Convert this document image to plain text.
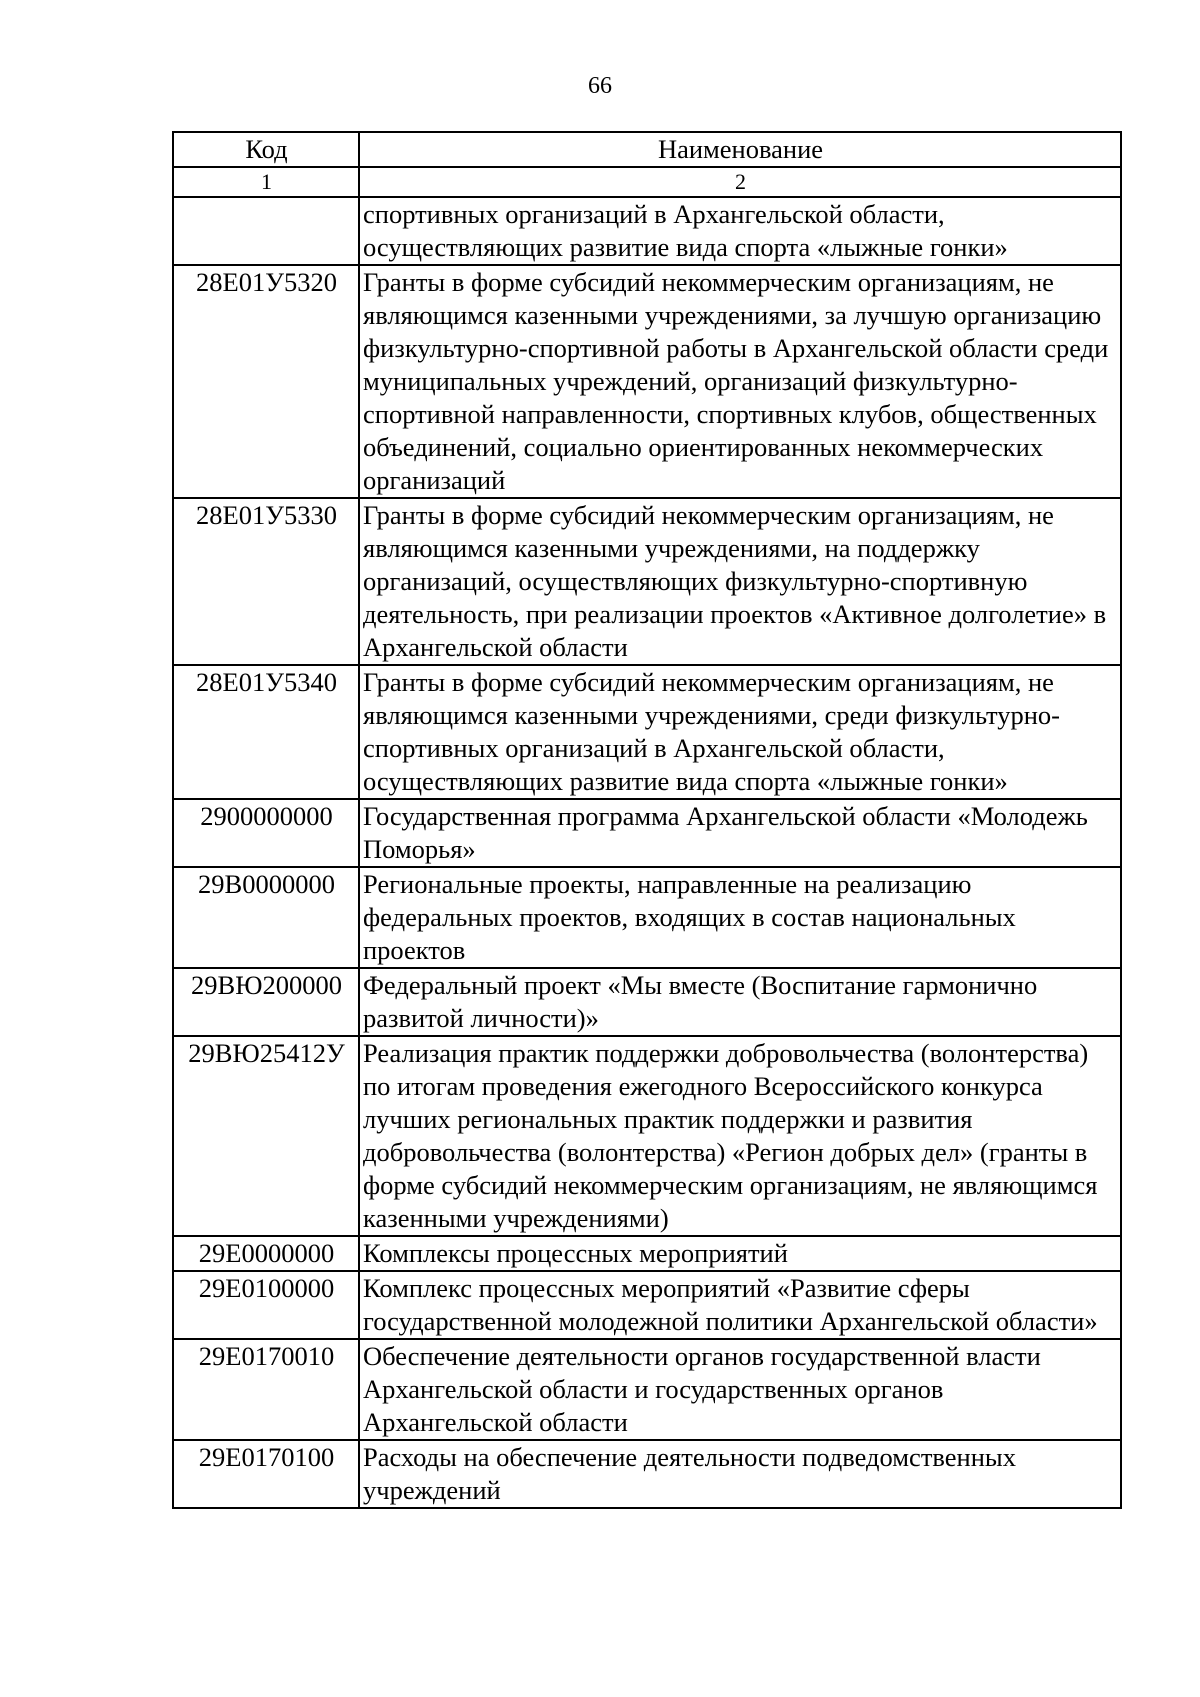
66
Код	Наименование
1	2
	спортивных организаций в Архангельской области, осуществляющих развитие вида спорта «лыжные гонки»
28Е01У5320	Гранты в форме субсидий некоммерческим организациям, не являющимся казенными учреждениями, за лучшую организацию физкультурно-спортивной работы в Архангельской области среди муниципальных учреждений, организаций физкультурно-спортивной направленности, спортивных клубов, общественных объединений, социально ориентированных некоммерческих организаций
28Е01У5330	Гранты в форме субсидий некоммерческим организациям, не являющимся казенными учреждениями, на поддержку организаций, осуществляющих физкультурно-спортивную деятельность, при реализации проектов «Активное долголетие» в Архангельской области
28Е01У5340	Гранты в форме субсидий некоммерческим организациям, не являющимся казенными учреждениями, среди физкультурно-спортивных организаций в Архангельской области, осуществляющих развитие вида спорта «лыжные гонки»
2900000000	Государственная программа Архангельской области «Молодежь Поморья»
29В0000000	Региональные проекты, направленные на реализацию федеральных проектов, входящих в состав национальных проектов
29ВЮ200000	Федеральный проект «Мы вместе (Воспитание гармонично развитой личности)»
29ВЮ25412У	Реализация практик поддержки добровольчества (волонтерства) по итогам проведения ежегодного Всероссийского конкурса лучших региональных практик поддержки и развития добровольчества (волонтерства) «Регион добрых дел» (гранты в форме субсидий некоммерческим организациям, не являющимся казенными учреждениями)
29Е0000000	Комплексы процессных мероприятий
29Е0100000	Комплекс процессных мероприятий «Развитие сферы государственной молодежной политики Архангельской области»
29Е0170010	Обеспечение деятельности органов государственной власти Архангельской области и государственных органов Архангельской области
29Е0170100	Расходы на обеспечение деятельности подведомственных учреждений
